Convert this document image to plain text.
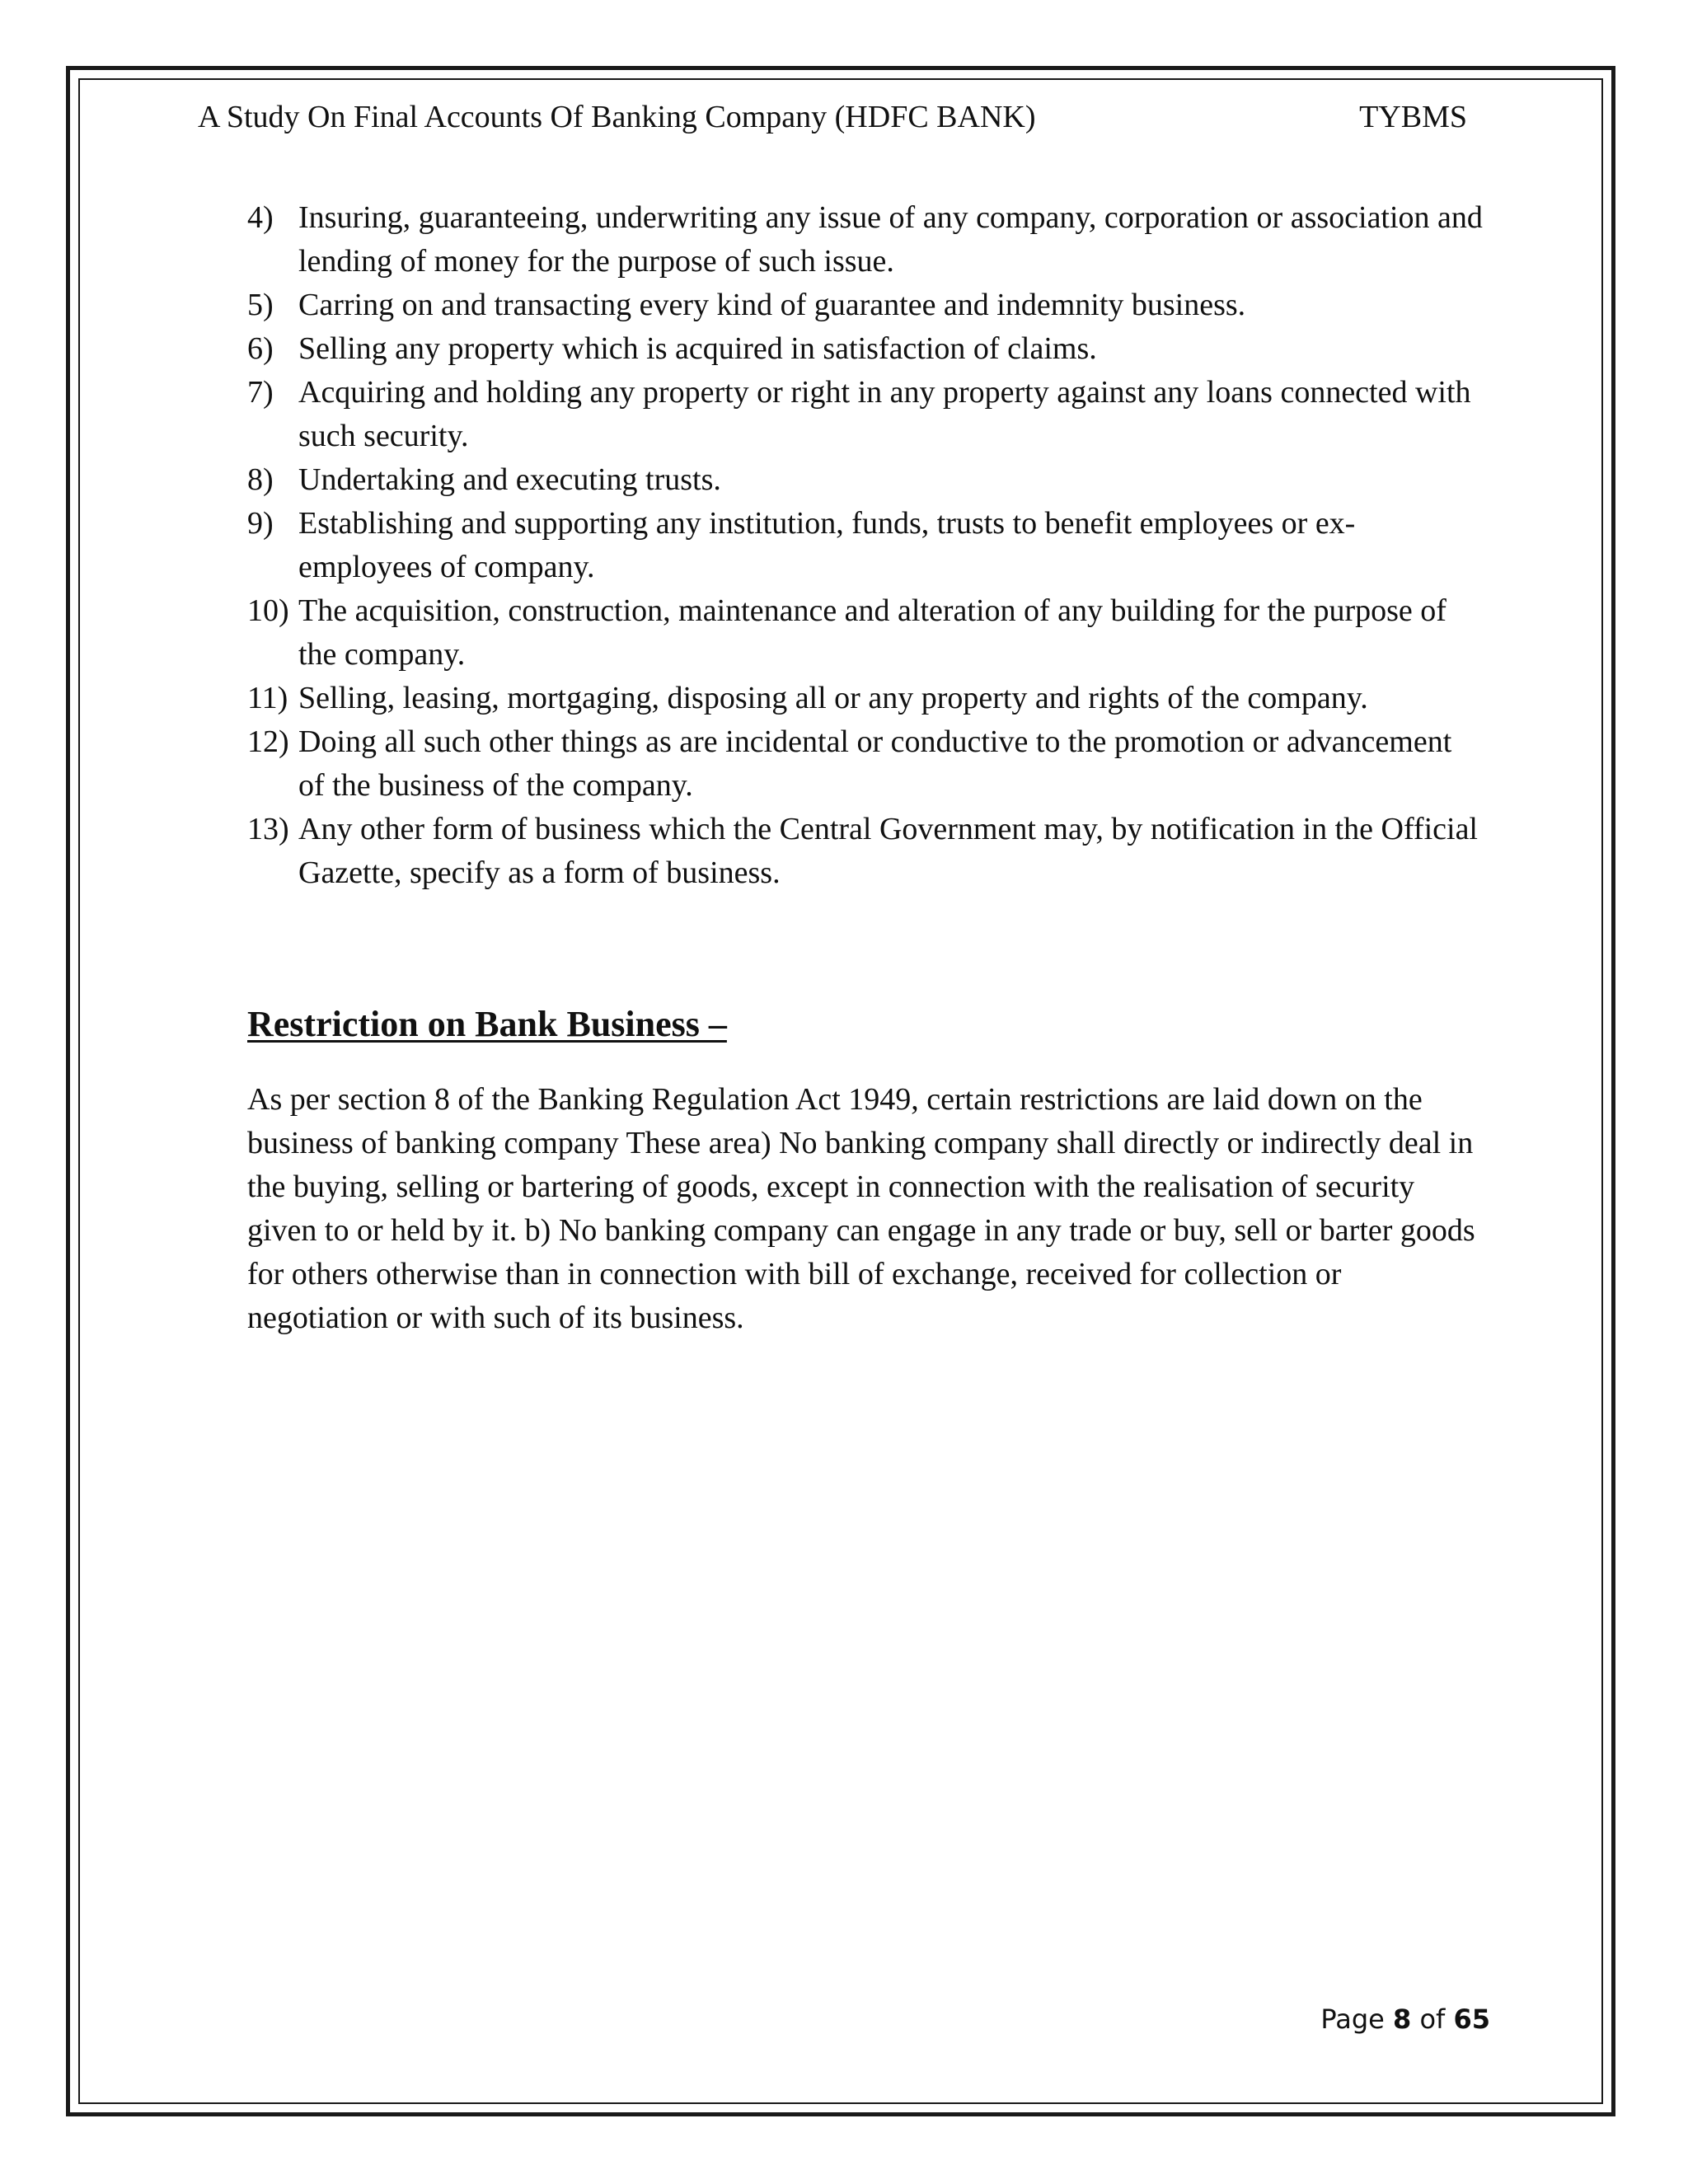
A Study On Final Accounts Of Banking Company (HDFC BANK)	TYBMS
4) Insuring, guaranteeing, underwriting any issue of any company, corporation or association and lending of money for the purpose of such issue.
5) Carring on and transacting every kind of guarantee and indemnity business.
6) Selling any property which is acquired in satisfaction of claims.
7) Acquiring and holding any property or right in any property against any loans connected with such security.
8) Undertaking and executing trusts.
9) Establishing and supporting any institution, funds, trusts to benefit employees or ex-employees of company.
10) The acquisition, construction, maintenance and alteration of any building for the purpose of the company.
11) Selling, leasing, mortgaging, disposing all or any property and rights of the company.
12) Doing all such other things as are incidental or conductive to the promotion or advancement of the business of the company.
13) Any other form of business which the Central Government may, by notification in the Official Gazette, specify as a form of business.
Restriction on Bank Business –

As per section 8 of the Banking Regulation Act 1949, certain restrictions are laid down on the business of banking company These area) No banking company shall directly or indirectly deal in the buying, selling or bartering of goods, except in connection with the realisation of security given to or held by it. b) No banking company can engage in any trade or buy, sell or barter goods for others otherwise than in connection with bill of exchange, received for collection or negotiation or with such of its business.

Page 8 of 65
